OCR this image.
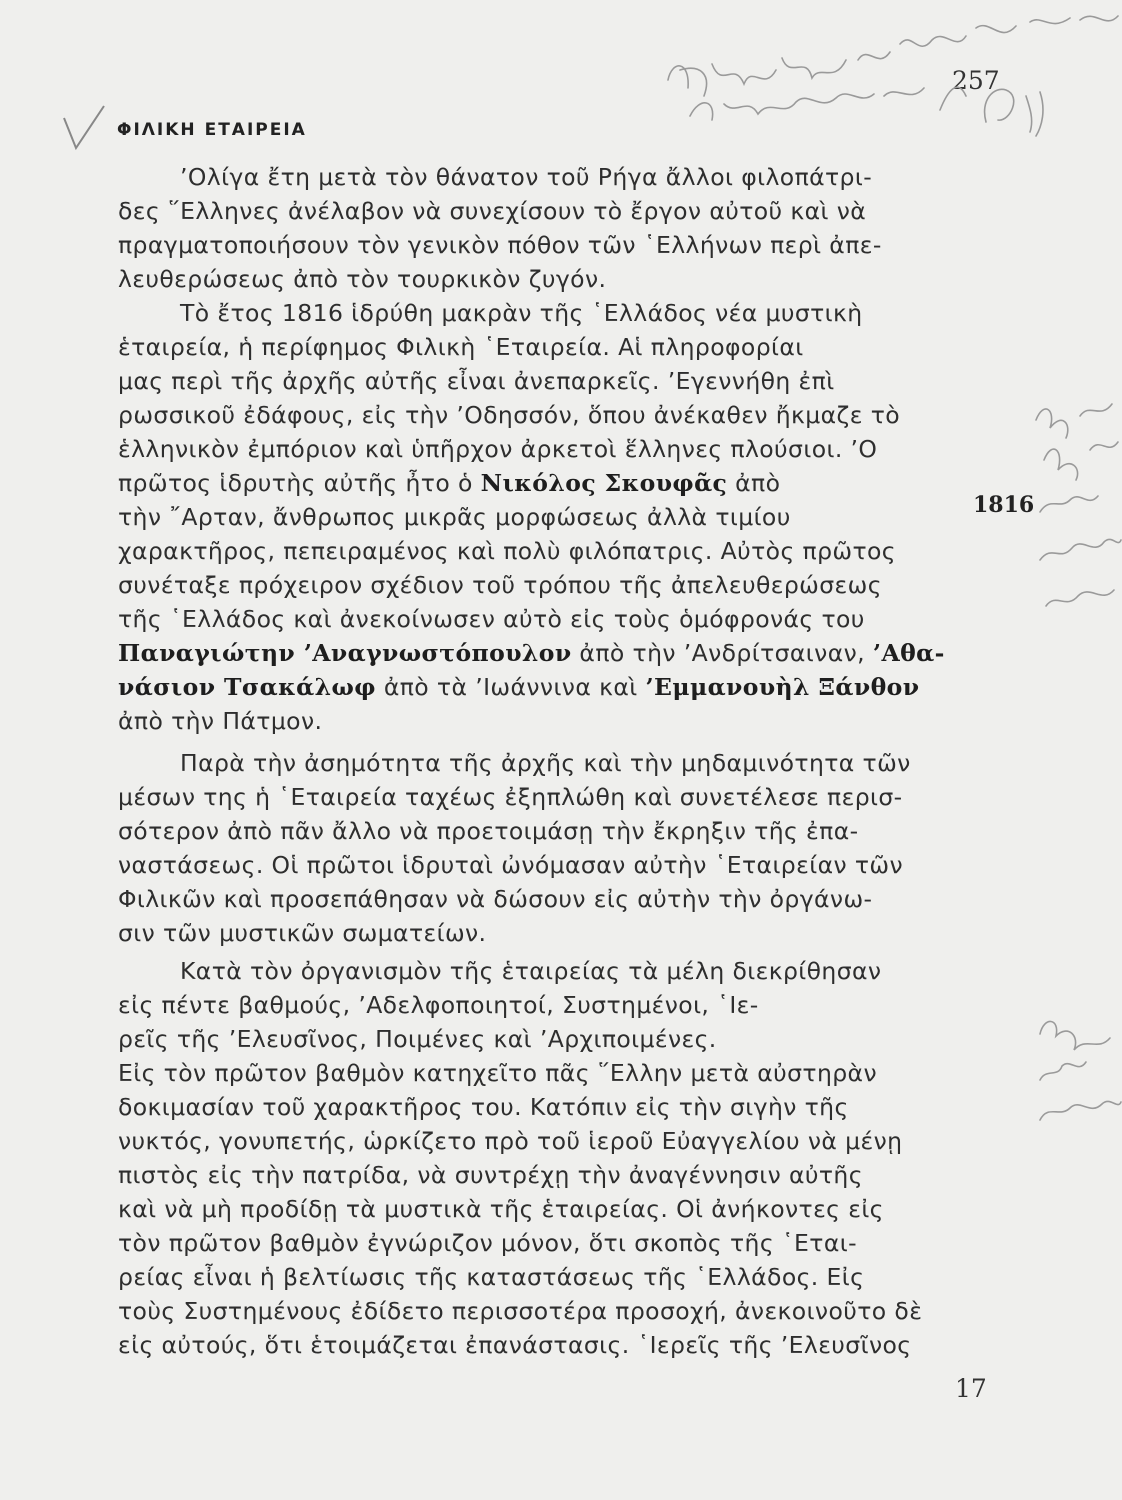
257
ΦΙΛΙΚΗ ΕΤΑΙΡΕΙΑ
’Ολίγα ἔτη μετὰ τὸν θάνατον τοῦ Ρήγα ἄλλοι φιλοπάτρι-
δες ῞Ελληνες ἀνέλαβον νὰ συνεχίσουν τὸ ἔργον αὐτοῦ καὶ νὰ
πραγματοποιήσουν τὸν γενικὸν πόθον τῶν ῾Ελλήνων περὶ ἀπε-
λευθερώσεως ἀπὸ τὸν τουρκικὸν ζυγόν.
Τὸ ἔτος 1816 ἱδρύθη μακρὰν τῆς ῾Ελλάδος νέα μυστικὴ
ἑταιρεία, ἡ περίφημος Φιλικὴ ῾Εταιρεία. Αἱ πληροφορίαι
μας περὶ τῆς ἀρχῆς αὐτῆς εἶναι ἀνεπαρκεῖς. ’Εγεννήθη ἐπὶ
ρωσσικοῦ ἐδάφους, εἰς τὴν ’Οδησσόν, ὅπου ἀνέκαθεν ἤκμαζε τὸ
ἑλληνικὸν ἐμπόριον καὶ ὑπῆρχον ἀρκετοὶ ἕλληνες πλούσιοι. ’Ο
πρῶτος ἱδρυτὴς αὐτῆς ἦτο ὁ Νικόλος Σκουφᾶς ἀπὸ
τὴν ῎Αρταν, ἄνθρωπος μικρᾶς μορφώσεως ἀλλὰ τιμίου
χαρακτῆρος, πεπειραμένος καὶ πολὺ φιλόπατρις. Αὐτὸς πρῶτος
συνέταξε πρόχειρον σχέδιον τοῦ τρόπου τῆς ἀπελευθερώσεως
τῆς ῾Ελλάδος καὶ ἀνεκοίνωσεν αὐτὸ εἰς τοὺς ὁμόφρονάς του
Παναγιώτην ’Αναγνωστόπουλον ἀπὸ τὴν ’Ανδρίτσαιναν, ’Αθα-
νάσιον Τσακάλωφ ἀπὸ τὰ ’Ιωάννινα καὶ ’Εμμανουὴλ Ξάνθον
ἀπὸ τὴν Πάτμον.
1816
Παρὰ τὴν ἀσημότητα τῆς ἀρχῆς καὶ τὴν μηδαμινότητα τῶν
μέσων της ἡ ῾Εταιρεία ταχέως ἐξηπλώθη καὶ συνετέλεσε περισ-
σότερον ἀπὸ πᾶν ἄλλο νὰ προετοιμάσῃ τὴν ἔκρηξιν τῆς ἐπα-
ναστάσεως. Οἱ πρῶτοι ἱδρυταὶ ὠνόμασαν αὐτὴν ῾Εταιρείαν τῶν
Φιλικῶν καὶ προσεπάθησαν νὰ δώσουν εἰς αὐτὴν τὴν ὀργάνω-
σιν τῶν μυστικῶν σωματείων.
Κατὰ τὸν ὀργανισμὸν τῆς ἑταιρείας τὰ μέλη διεκρίθησαν
εἰς πέντε βαθμούς, ’Αδελφοποιητοί, Συστημένοι, ῾Ιε-
ρεῖς τῆς ’Ελευσῖνος, Ποιμένες καὶ ’Αρχιποιμένες.
Εἰς τὸν πρῶτον βαθμὸν κατηχεῖτο πᾶς ῞Ελλην μετὰ αὐστηρὰν
δοκιμασίαν τοῦ χαρακτῆρος του. Κατόπιν εἰς τὴν σιγὴν τῆς
νυκτός, γονυπετής, ὡρκίζετο πρὸ τοῦ ἱεροῦ Εὐαγγελίου νὰ μένῃ
πιστὸς εἰς τὴν πατρίδα, νὰ συντρέχῃ τὴν ἀναγέννησιν αὐτῆς
καὶ νὰ μὴ προδίδῃ τὰ μυστικὰ τῆς ἑταιρείας. Οἱ ἀνήκοντες εἰς
τὸν πρῶτον βαθμὸν ἐγνώριζον μόνον, ὅτι σκοπὸς τῆς ῾Εται-
ρείας εἶναι ἡ βελτίωσις τῆς καταστάσεως τῆς ῾Ελλάδος. Εἰς
τοὺς Συστημένους ἐδίδετο περισσοτέρα προσοχή, ἀνεκοινοῦτο δὲ
εἰς αὐτούς, ὅτι ἑτοιμάζεται ἐπανάστασις. ῾Ιερεῖς τῆς ’Ελευσῖνος
17
